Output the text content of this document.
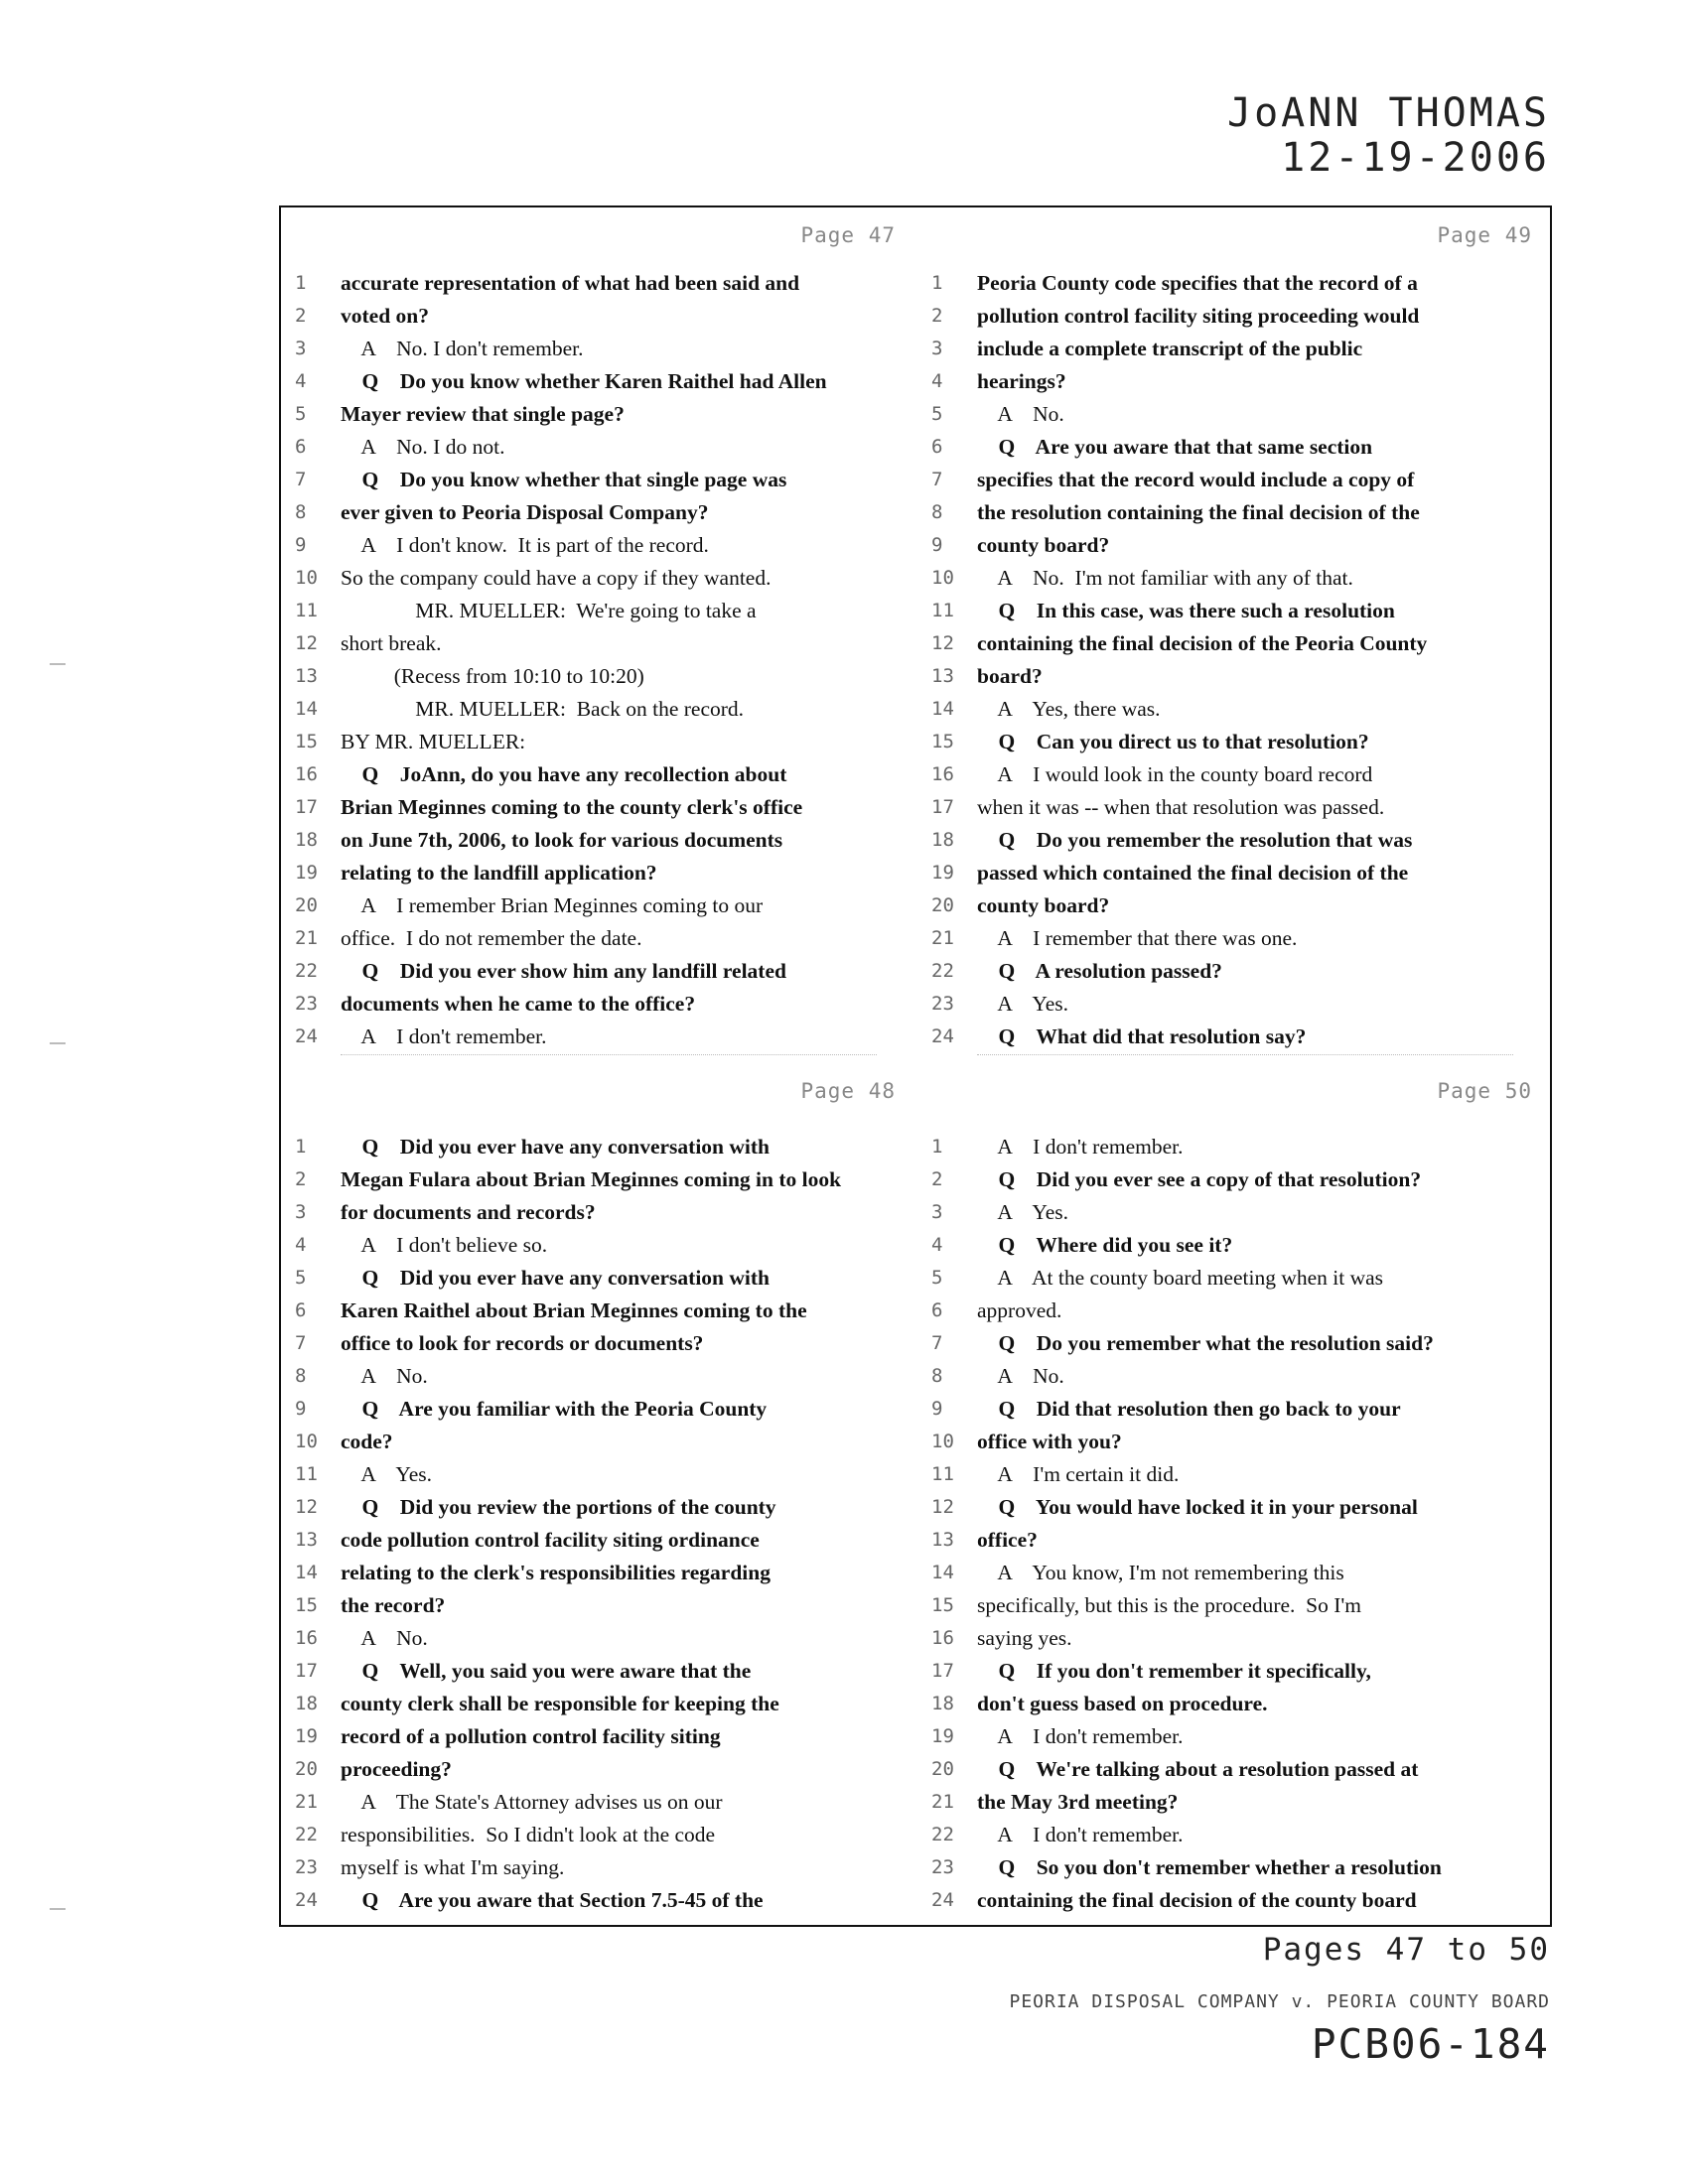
JoANN THOMAS
12-19-2006
Page 47
1	accurate representation of what had been said and
2	voted on?
3	A    No. I don't remember.
4	Q    Do you know whether Karen Raithel had Allen
5	Mayer review that single page?
6	A    No. I do not.
7	Q    Do you know whether that single page was
8	ever given to Peoria Disposal Company?
9	A    I don't know.  It is part of the record.
10	So the company could have a copy if they wanted.
11	MR. MUELLER:  We're going to take a
12	short break.
13	(Recess from 10:10 to 10:20)
14	MR. MUELLER:  Back on the record.
15	BY MR. MUELLER:
16	Q    JoAnn, do you have any recollection about
17	Brian Meginnes coming to the county clerk's office
18	on June 7th, 2006, to look for various documents
19	relating to the landfill application?
20	A    I remember Brian Meginnes coming to our
21	office.  I do not remember the date.
22	Q    Did you ever show him any landfill related
23	documents when he came to the office?
24	A    I don't remember.
Page 49
1	Peoria County code specifies that the record of a
2	pollution control facility siting proceeding would
3	include a complete transcript of the public
4	hearings?
5	A    No.
6	Q    Are you aware that that same section
7	specifies that the record would include a copy of
8	the resolution containing the final decision of the
9	county board?
10	A    No.  I'm not familiar with any of that.
11	Q    In this case, was there such a resolution
12	containing the final decision of the Peoria County
13	board?
14	A    Yes, there was.
15	Q    Can you direct us to that resolution?
16	A    I would look in the county board record
17	when it was -- when that resolution was passed.
18	Q    Do you remember the resolution that was
19	passed which contained the final decision of the
20	county board?
21	A    I remember that there was one.
22	Q    A resolution passed?
23	A    Yes.
24	Q    What did that resolution say?
Page 48
1	Q    Did you ever have any conversation with
2	Megan Fulara about Brian Meginnes coming in to look
3	for documents and records?
4	A    I don't believe so.
5	Q    Did you ever have any conversation with
6	Karen Raithel about Brian Meginnes coming to the
7	office to look for records or documents?
8	A    No.
9	Q    Are you familiar with the Peoria County
10	code?
11	A    Yes.
12	Q    Did you review the portions of the county
13	code pollution control facility siting ordinance
14	relating to the clerk's responsibilities regarding
15	the record?
16	A    No.
17	Q    Well, you said you were aware that the
18	county clerk shall be responsible for keeping the
19	record of a pollution control facility siting
20	proceeding?
21	A    The State's Attorney advises us on our
22	responsibilities.  So I didn't look at the code
23	myself is what I'm saying.
24	Q    Are you aware that Section 7.5-45 of the
Page 50
1	A    I don't remember.
2	Q    Did you ever see a copy of that resolution?
3	A    Yes.
4	Q    Where did you see it?
5	A    At the county board meeting when it was
6	approved.
7	Q    Do you remember what the resolution said?
8	A    No.
9	Q    Did that resolution then go back to your
10	office with you?
11	A    I'm certain it did.
12	Q    You would have locked it in your personal
13	office?
14	A    You know, I'm not remembering this
15	specifically, but this is the procedure.  So I'm
16	saying yes.
17	Q    If you don't remember it specifically,
18	don't guess based on procedure.
19	A    I don't remember.
20	Q    We're talking about a resolution passed at
21	the May 3rd meeting?
22	A    I don't remember.
23	Q    So you don't remember whether a resolution
24	containing the final decision of the county board
Pages 47 to 50
PEORIA DISPOSAL COMPANY v. PEORIA COUNTY BOARD
PCB06-184
